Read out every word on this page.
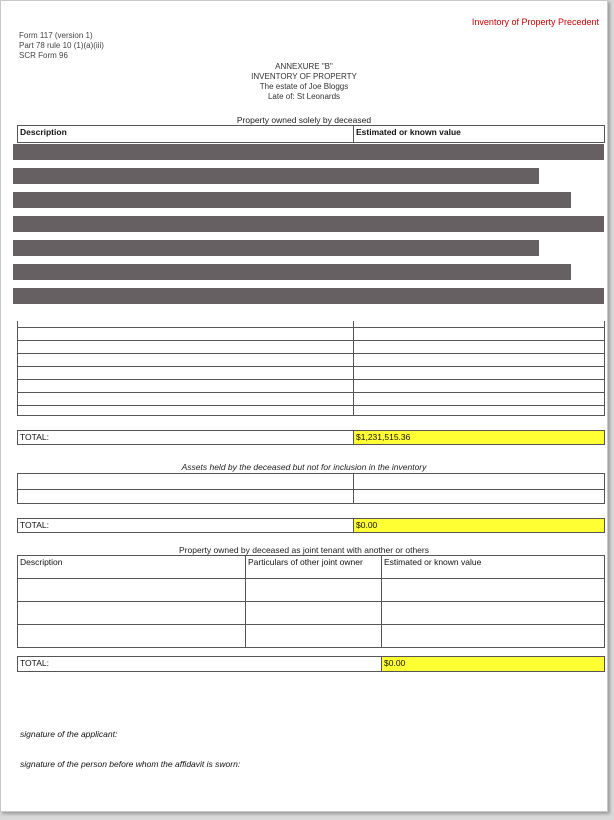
Inventory of Property Precedent
Form 117 (version 1)
Part 78 rule 10 (1)(a)(iii)
SCR Form 96
ANNEXURE "B"
INVENTORY OF PROPERTY
The estate of Joe Bloggs
Late of: St Leonards
Property owned solely by deceased
Description	Estimated or known value
TOTAL:	$1,231,515.36
Assets held by the deceased but not for inclusion in the inventory
TOTAL:	$0.00
Property owned by deceased as joint tenant with another or others
Description	Particulars of other joint owner	Estimated or known value
TOTAL:	$0.00
signature of the applicant:
signature of the person before whom the affidavit is sworn:
